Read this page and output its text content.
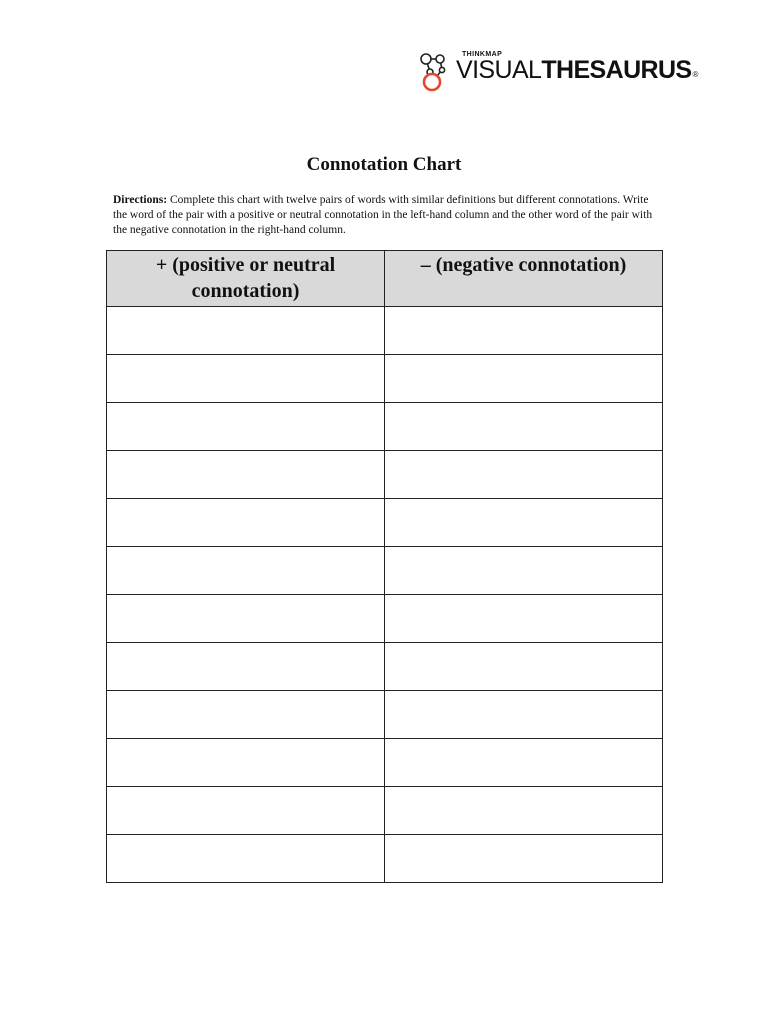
THINKMAP
VISUALTHESAURUS®
Connotation Chart
Directions: Complete this chart with twelve pairs of words with similar definitions but different connotations. Write the word of the pair with a positive or neutral connotation in the left-hand column and the other word of the pair with the negative connotation in the right-hand column.
+ (positive or neutral connotation)	– (negative connotation)
